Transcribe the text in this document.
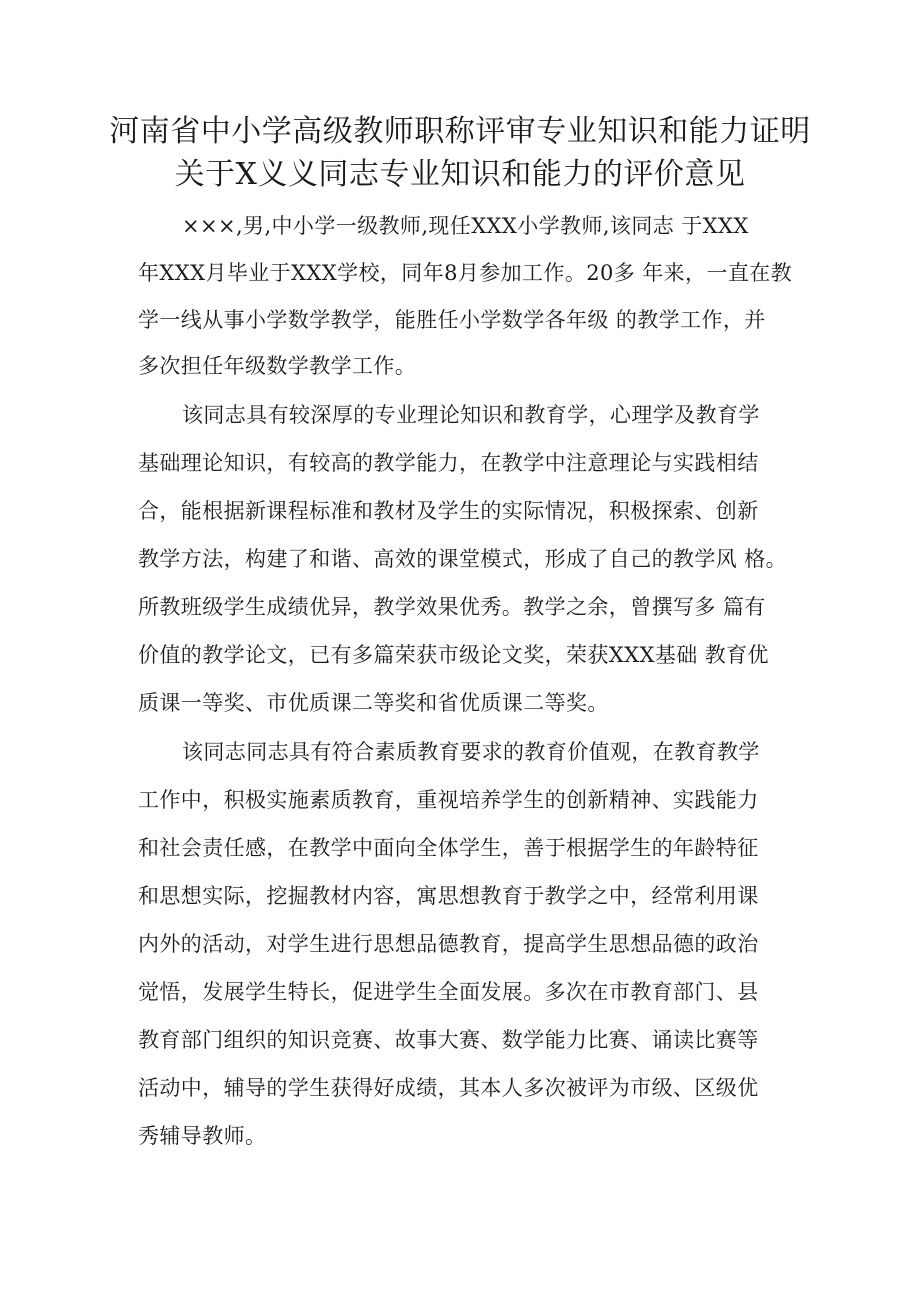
河南省中小学高级教师职称评审专业知识和能力证明
关于X义义同志专业知识和能力的评价意见
×××,男,中小学一级教师,现任XXX小学教师,该同志 于XXX
年XXX月毕业于XXX学校，同年8月参加工作。20多 年来，一直在教
学一线从事小学数学教学，能胜任小学数学各年级 的教学工作，并
多次担任年级数学教学工作。
该同志具有较深厚的专业理论知识和教育学，心理学及教育学
基础理论知识，有较高的教学能力，在教学中注意理论与实践相结
合，能根据新课程标准和教材及学生的实际情况，积极探索、创新
教学方法，构建了和谐、高效的课堂模式，形成了自己的教学风 格。
所教班级学生成绩优异，教学效果优秀。教学之余，曾撰写多 篇有
价值的教学论文，已有多篇荣获市级论文奖，荣获XXX基础 教育优
质课一等奖、市优质课二等奖和省优质课二等奖。
该同志同志具有符合素质教育要求的教育价值观，在教育教学
工作中，积极实施素质教育，重视培养学生的创新精神、实践能力
和社会责任感，在教学中面向全体学生，善于根据学生的年龄特征
和思想实际，挖掘教材内容，寓思想教育于教学之中，经常利用课
内外的活动，对学生进行思想品德教育，提高学生思想品德的政治
觉悟，发展学生特长，促进学生全面发展。多次在市教育部门、县
教育部门组织的知识竞赛、故事大赛、数学能力比赛、诵读比赛等
活动中，辅导的学生获得好成绩，其本人多次被评为市级、区级优
秀辅导教师。
